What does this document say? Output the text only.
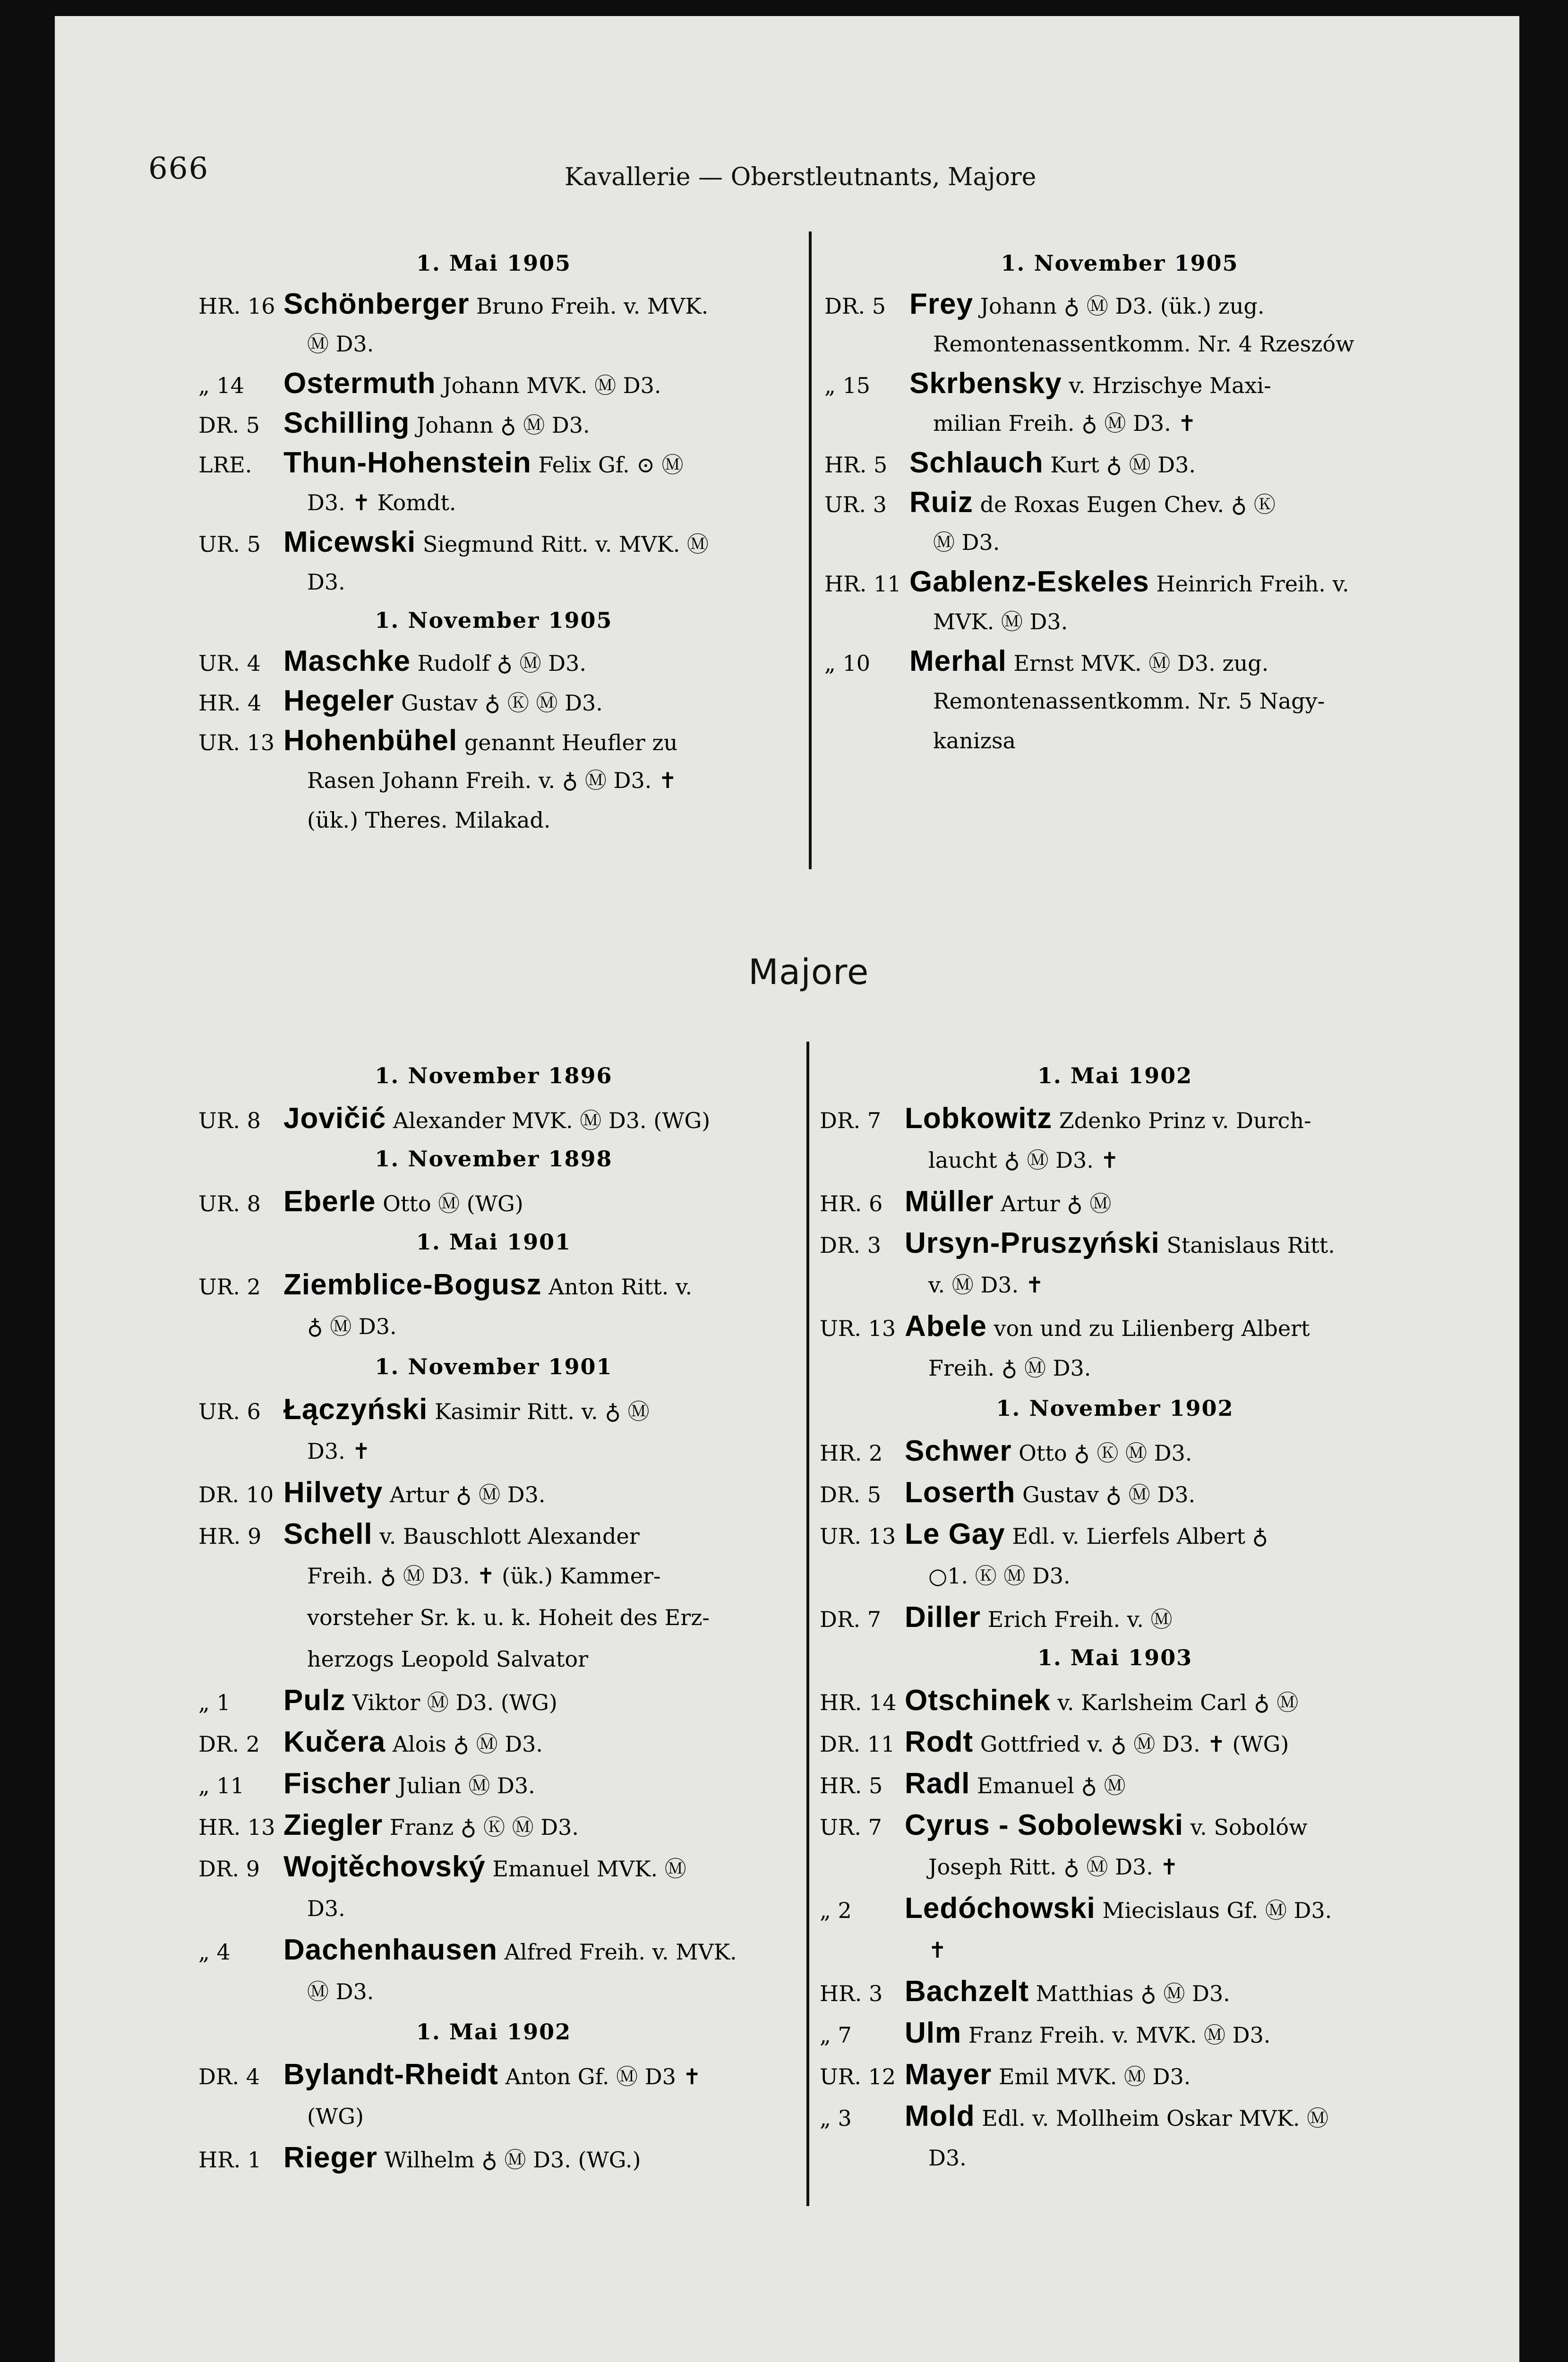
666	Kavallerie — Oberstleutnants, Majore
Majore
1. Mai 1905
HR. 16 Schönberger Bruno Freih. v. MVK.
Ⓜ D3.
„ 14 Ostermuth Johann MVK. Ⓜ D3.
DR. 5 Schilling Johann ♁ Ⓜ D3.
LRE. Thun-Hohenstein Felix Gf. ⊙ Ⓜ
D3. ✝ Komdt.
UR. 5 Micewski Siegmund Ritt. v. MVK. Ⓜ
D3.
1. November 1905
UR. 4 Maschke Rudolf ♁ Ⓜ D3.
HR. 4 Hegeler Gustav ♁ Ⓚ Ⓜ D3.
UR. 13 Hohenbühel genannt Heufler zu
Rasen Johann Freih. v. ♁ Ⓜ D3. ✝
(ük.) Theres. Milakad.
1. November 1905
DR. 5 Frey Johann ♁ Ⓜ D3. (ük.) zug.
Remontenassentkomm. Nr. 4 Rzeszów
„ 15 Skrbensky v. Hrzischye Maxi-
milian Freih. ♁ Ⓜ D3. ✝
HR. 5 Schlauch Kurt ♁ Ⓜ D3.
UR. 3 Ruiz de Roxas Eugen Chev. ♁ Ⓚ
Ⓜ D3.
HR. 11 Gablenz-Eskeles Heinrich Freih. v.
MVK. Ⓜ D3.
„ 10 Merhal Ernst MVK. Ⓜ D3. zug.
Remontenassentkomm. Nr. 5 Nagy-
kanizsa
1. November 1896
UR. 8 Jovičić Alexander MVK. Ⓜ D3. (WG)
1. November 1898
UR. 8 Eberle Otto Ⓜ (WG)
1. Mai 1901
UR. 2 Ziemblice-Bogusz Anton Ritt. v.
♁ Ⓜ D3.
1. November 1901
UR. 6 Łączyński Kasimir Ritt. v. ♁ Ⓜ
D3. ✝
DR. 10 Hilvety Artur ♁ Ⓜ D3.
HR. 9 Schell v. Bauschlott Alexander
Freih. ♁ Ⓜ D3. ✝ (ük.) Kammer-
vorsteher Sr. k. u. k. Hoheit des Erz-
herzogs Leopold Salvator
„ 1 Pulz Viktor Ⓜ D3. (WG)
DR. 2 Kučera Alois ♁ Ⓜ D3.
„ 11 Fischer Julian Ⓜ D3.
HR. 13 Ziegler Franz ♁ Ⓚ Ⓜ D3.
DR. 9 Wojtěchovský Emanuel MVK. Ⓜ
D3.
„ 4 Dachenhausen Alfred Freih. v. MVK.
Ⓜ D3.
1. Mai 1902
DR. 4 Bylandt-Rheidt Anton Gf. Ⓜ D3 ✝
(WG)
HR. 1 Rieger Wilhelm ♁ Ⓜ D3. (WG.)
1. Mai 1902
DR. 7 Lobkowitz Zdenko Prinz v. Durch-
laucht ♁ Ⓜ D3. ✝
HR. 6 Müller Artur ♁ Ⓜ
DR. 3 Ursyn-Pruszyński Stanislaus Ritt.
v. Ⓜ D3. ✝
UR. 13 Abele von und zu Lilienberg Albert
Freih. ♁ Ⓜ D3.
1. November 1902
HR. 2 Schwer Otto ♁ Ⓚ Ⓜ D3.
DR. 5 Loserth Gustav ♁ Ⓜ D3.
UR. 13 Le Gay Edl. v. Lierfels Albert ♁
○1. Ⓚ Ⓜ D3.
DR. 7 Diller Erich Freih. v. Ⓜ
1. Mai 1903
HR. 14 Otschinek v. Karlsheim Carl ♁ Ⓜ
DR. 11 Rodt Gottfried v. ♁ Ⓜ D3. ✝ (WG)
HR. 5 Radl Emanuel ♁ Ⓜ
UR. 7 Cyrus - Sobolewski v. Sobolów
Joseph Ritt. ♁ Ⓜ D3. ✝
„ 2 Ledóchowski Miecislaus Gf. Ⓜ D3.
✝
HR. 3 Bachzelt Matthias ♁ Ⓜ D3.
„ 7 Ulm Franz Freih. v. MVK. Ⓜ D3.
UR. 12 Mayer Emil MVK. Ⓜ D3.
„ 3 Mold Edl. v. Mollheim Oskar MVK. Ⓜ
D3.
